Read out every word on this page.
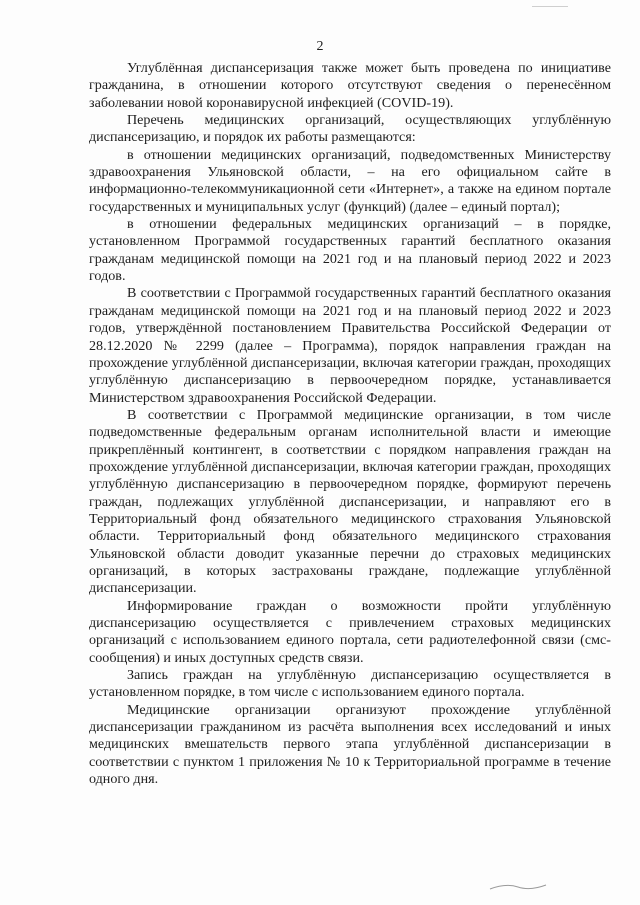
2

Углублённая диспансеризация также может быть проведена по инициативе гражданина, в отношении которого отсутствуют сведения о перенесённом заболевании новой коронавирусной инфекцией (COVID-19).

Перечень медицинских организаций, осуществляющих углублённую диспансеризацию, и порядок их работы размещаются:

в отношении медицинских организаций, подведомственных Министерству здравоохранения Ульяновской области, – на его официальном сайте в информационно-телекоммуникационной сети «Интернет», а также на едином портале государственных и муниципальных услуг (функций) (далее – единый портал);

в отношении федеральных медицинских организаций – в порядке, установленном Программой государственных гарантий бесплатного оказания гражданам медицинской помощи на 2021 год и на плановый период 2022 и 2023 годов.

В соответствии с Программой государственных гарантий бесплатного оказания гражданам медицинской помощи на 2021 год и на плановый период 2022 и 2023 годов, утверждённой постановлением Правительства Российской Федерации от 28.12.2020 № 2299 (далее – Программа), порядок направления граждан на прохождение углублённой диспансеризации, включая категории граждан, проходящих углублённую диспансеризацию в первоочередном порядке, устанавливается Министерством здравоохранения Российской Федерации.

В соответствии с Программой медицинские организации, в том числе подведомственные федеральным органам исполнительной власти и имеющие прикреплённый контингент, в соответствии с порядком направления граждан на прохождение углублённой диспансеризации, включая категории граждан, проходящих углублённую диспансеризацию в первоочередном порядке, формируют перечень граждан, подлежащих углублённой диспансеризации, и направляют его в Территориальный фонд обязательного медицинского страхования Ульяновской области. Территориальный фонд обязательного медицинского страхования Ульяновской области доводит указанные перечни до страховых медицинских организаций, в которых застрахованы граждане, подлежащие углублённой диспансеризации.

Информирование граждан о возможности пройти углублённую диспансеризацию осуществляется с привлечением страховых медицинских организаций с использованием единого портала, сети радиотелефонной связи (смс-сообщения) и иных доступных средств связи.

Запись граждан на углублённую диспансеризацию осуществляется в установленном порядке, в том числе с использованием единого портала.

Медицинские организации организуют прохождение углублённой диспансеризации гражданином из расчёта выполнения всех исследований и иных медицинских вмешательств первого этапа углублённой диспансеризации в соответствии с пунктом 1 приложения № 10 к Территориальной программе в течение одного дня.
